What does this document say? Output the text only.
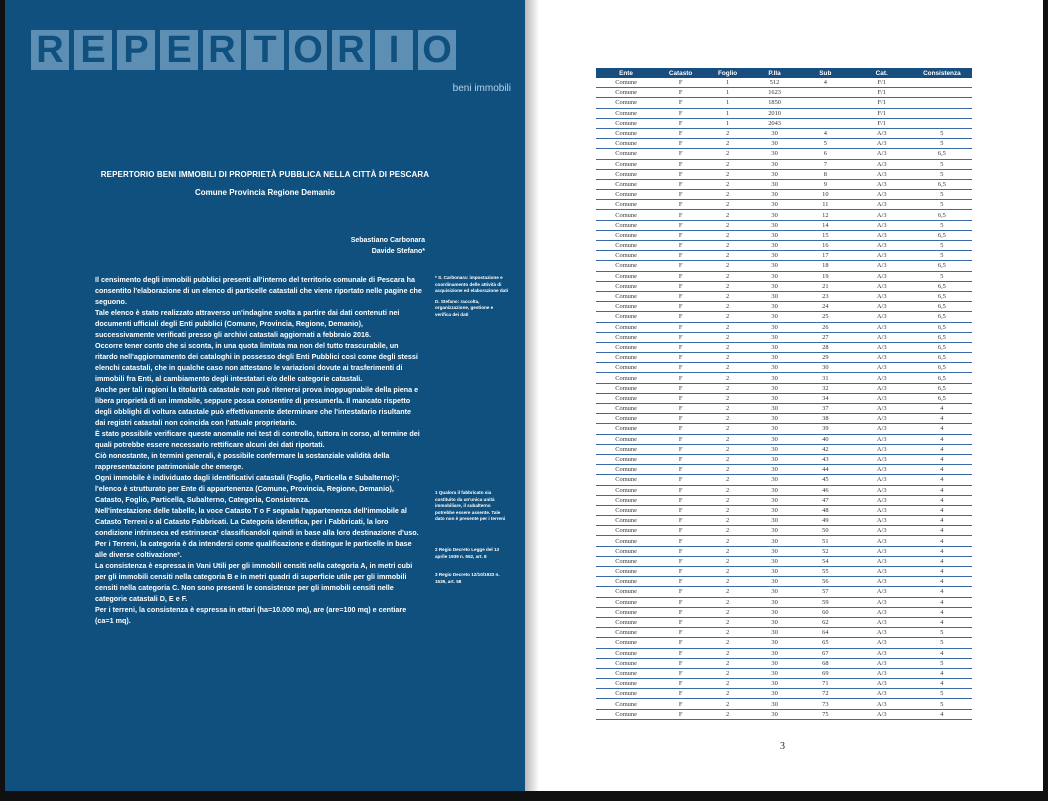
R E P E R T O R I O
beni immobili
REPERTORIO BENI IMMOBILI DI PROPRIETÀ PUBBLICA NELLA CITTÀ DI PESCARA
Comune Provincia Regione Demanio
Sebastiano Carbonara
Davide Stefano*

Il censimento degli immobili pubblici presenti all'interno del territorio comunale di Pescara ha consentito l'elaborazione di un elenco di particelle catastali che viene riportato nelle pagine che seguono.

Tale elenco è stato realizzato attraverso un'indagine svolta a partire dai dati contenuti nei documenti ufficiali degli Enti pubblici (Comune, Provincia, Regione, Demanio), successivamente verificati presso gli archivi catastali aggiornati a febbraio 2016.

Occorre tener conto che si sconta, in una quota limitata ma non del tutto trascurabile, un ritardo nell'aggiornamento dei cataloghi in possesso degli Enti Pubblici così come degli stessi elenchi catastali, che in qualche caso non attestano le variazioni dovute ai trasferimenti di immobili fra Enti, al cambiamento degli intestatari e/o delle categorie catastali.

Anche per tali ragioni la titolarità catastale non può ritenersi prova inoppugnabile della piena e libera proprietà di un immobile, seppure possa consentire di presumerla. Il mancato rispetto degli obblighi di voltura catastale può effettivamente determinare che l'intestatario risultante dai registri catastali non coincida con l'attuale proprietario.

È stato possibile verificare queste anomalie nei test di controllo, tuttora in corso, al termine dei quali potrebbe essere necessario rettificare alcuni dei dati riportati.

Ciò nonostante, in termini generali, è possibile confermare la sostanziale validità della rappresentazione patrimoniale che emerge.

Ogni immobile è individuato dagli identificativi catastali (Foglio, Particella e Subalterno)¹; l'elenco è strutturato per Ente di appartenenza (Comune, Provincia, Regione, Demanio), Catasto, Foglio, Particella, Subalterno, Categoria, Consistenza.

Nell'intestazione delle tabelle, la voce Catasto T o F segnala l'appartenenza dell'immobile al Catasto Terreni o al Catasto Fabbricati. La Categoria identifica, per i Fabbricati, la loro condizione intrinseca ed estrinseca² classificandoli quindi in base alla loro destinazione d'uso. Per i Terreni, la categoria è da intendersi come qualificazione e distingue le particelle in base alle diverse coltivazione³.

La consistenza è espressa in Vani Utili per gli immobili censiti nella categoria A, in metri cubi per gli immobili censiti nella categoria B e in metri quadri di superficie utile per gli immobili censiti nella categoria C. Non sono presenti le consistenze per gli immobili censiti nelle categorie catastali D, E e F.

Per i terreni, la consistenza è espressa in ettari (ha=10.000 mq), are (are=100 mq) e centiare (ca=1 mq).

* S. Carbonara: impostazione e coordinamento delle attività di acquisizione ed elaborazione dati

D. Stefano: raccolta, organizzazione, gestione e verifica dei dati

1 Qualora il fabbricato sia costituito da un'unica unità immobiliare, il subalterno potrebbe essere assente. Tale dato non è presente per i terreni
2 Regio Decreto Legge del 13 aprile 1939 n. 652, art. 8
3 Regio Decreto 12/10/1933 n. 1539, art. 58
Ente	Catasto	Foglio	P.lla	Sub	Cat.	Consistenza
Comune	F	1	512	4	F/1	
Comune	F	1	1623		F/1	
Comune	F	1	1850		F/1	
Comune	F	1	2010		F/1	
Comune	F	1	2043		F/1	
Comune	F	2	30	4	A/3	5
Comune	F	2	30	5	A/3	5
Comune	F	2	30	6	A/3	6,5
Comune	F	2	30	7	A/3	5
Comune	F	2	30	8	A/3	5
Comune	F	2	30	9	A/3	6,5
Comune	F	2	30	10	A/3	5
Comune	F	2	30	11	A/3	5
Comune	F	2	30	12	A/3	6,5
Comune	F	2	30	14	A/3	5
Comune	F	2	30	15	A/3	6,5
Comune	F	2	30	16	A/3	5
Comune	F	2	30	17	A/3	5
Comune	F	2	30	18	A/3	6,5
Comune	F	2	30	19	A/3	5
Comune	F	2	30	21	A/3	6,5
Comune	F	2	30	23	A/3	6,5
Comune	F	2	30	24	A/3	6,5
Comune	F	2	30	25	A/3	6,5
Comune	F	2	30	26	A/3	6,5
Comune	F	2	30	27	A/3	6,5
Comune	F	2	30	28	A/3	6,5
Comune	F	2	30	29	A/3	6,5
Comune	F	2	30	30	A/3	6,5
Comune	F	2	30	31	A/3	6,5
Comune	F	2	30	32	A/3	6,5
Comune	F	2	30	34	A/3	6,5
Comune	F	2	30	37	A/3	4
Comune	F	2	30	38	A/3	4
Comune	F	2	30	39	A/3	4
Comune	F	2	30	40	A/3	4
Comune	F	2	30	42	A/3	4
Comune	F	2	30	43	A/3	4
Comune	F	2	30	44	A/3	4
Comune	F	2	30	45	A/3	4
Comune	F	2	30	46	A/3	4
Comune	F	2	30	47	A/3	4
Comune	F	2	30	48	A/3	4
Comune	F	2	30	49	A/3	4
Comune	F	2	30	50	A/3	4
Comune	F	2	30	51	A/3	4
Comune	F	2	30	52	A/3	4
Comune	F	2	30	54	A/3	4
Comune	F	2	30	55	A/3	4
Comune	F	2	30	56	A/3	4
Comune	F	2	30	57	A/3	4
Comune	F	2	30	59	A/3	4
Comune	F	2	30	60	A/3	4
Comune	F	2	30	62	A/3	4
Comune	F	2	30	64	A/3	5
Comune	F	2	30	65	A/3	5
Comune	F	2	30	67	A/3	4
Comune	F	2	30	68	A/3	5
Comune	F	2	30	69	A/3	4
Comune	F	2	30	71	A/3	4
Comune	F	2	30	72	A/3	5
Comune	F	2	30	73	A/3	5
Comune	F	2	30	75	A/3	4
3
